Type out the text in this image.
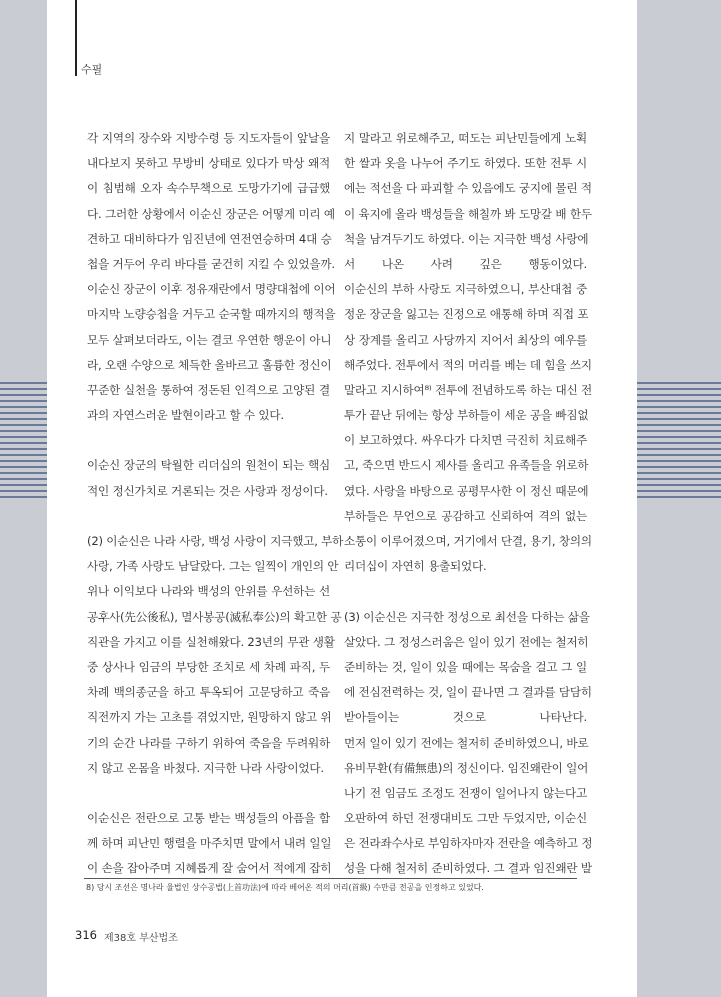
수필
각 지역의 장수와 지방수령 등 지도자들이 앞날을
내다보지 못하고 무방비 상태로 있다가 막상 왜적
이 침범해 오자 속수무책으로 도망가기에 급급했
다. 그러한 상황에서 이순신 장군은 어떻게 미리 예
견하고 대비하다가 임진년에 연전연승하며 4대 승
첩을 거두어 우리 바다를 굳건히 지킬 수 있었을까.
이순신 장군이 이후 정유재란에서 명량대첩에 이어
마지막 노량승첩을 거두고 순국할 때까지의 행적을
모두 살펴보더라도, 이는 결코 우연한 행운이 아니
라, 오랜 수양으로 체득한 올바르고 훌륭한 정신이
꾸준한 실천을 통하여 정돈된 인격으로 고양된 결
과의 자연스러운 발현이라고 할 수 있다.
이순신 장군의 탁월한 리더십의 원천이 되는 핵심
적인 정신가치로 거론되는 것은 사랑과 정성이다.
(2) 이순신은 나라 사랑, 백성 사랑이 지극했고, 부하
사랑, 가족 사랑도 남달랐다. 그는 일찍이 개인의 안
위나 이익보다 나라와 백성의 안위를 우선하는 선
공후사(先公後私), 멸사봉공(滅私奉公)의 확고한 공
직관을 가지고 이를 실천해왔다. 23년의 무관 생활
중 상사나 임금의 부당한 조치로 세 차례 파직, 두
차례 백의종군을 하고 투옥되어 고문당하고 죽음
직전까지 가는 고초를 겪었지만, 원망하지 않고 위
기의 순간 나라를 구하기 위하여 죽음을 두려워하
지 않고 온몸을 바쳤다. 지극한 나라 사랑이었다.
이순신은 전란으로 고통 받는 백성들의 아픔을 함
께 하며 피난민 행렬을 마주치면 말에서 내려 일일
이 손을 잡아주며 지혜롭게 잘 숨어서 적에게 잡히
지 말라고 위로해주고, 떠도는 피난민들에게 노획
한 쌀과 옷을 나누어 주기도 하였다. 또한 전투 시
에는 적선을 다 파괴할 수 있음에도 궁지에 몰린 적
이 육지에 올라 백성들을 해칠까 봐 도망갈 배 한두
척을 남겨두기도 하였다. 이는 지극한 백성 사랑에
서 나온 사려 깊은 행동이었다.
이순신의 부하 사랑도 지극하였으니, 부산대첩 중
정운 장군을 잃고는 진정으로 애통해 하며 직접 포
상 장계를 올리고 사당까지 지어서 최상의 예우를
해주었다. 전투에서 적의 머리를 베는 데 힘을 쓰지
말라고 지시하여⁸⁾ 전투에 전념하도록 하는 대신 전
투가 끝난 뒤에는 항상 부하들이 세운 공을 빠짐없
이 보고하였다. 싸우다가 다치면 극진히 치료해주
고, 죽으면 반드시 제사를 올리고 유족들을 위로하
였다. 사랑을 바탕으로 공평무사한 이 정신 때문에
부하들은 무언으로 공감하고 신뢰하여 격의 없는
소통이 이루어졌으며, 거기에서 단결, 용기, 창의의
리더십이 자연히 용출되었다.
(3) 이순신은 지극한 정성으로 최선을 다하는 삶을
살았다. 그 정성스러움은 일이 있기 전에는 철저히
준비하는 것, 일이 있을 때에는 목숨을 걸고 그 일
에 전심전력하는 것, 일이 끝나면 그 결과를 담담히
받아들이는 것으로 나타난다.
먼저 일이 있기 전에는 철저히 준비하였으니, 바로
유비무환(有備無患)의 정신이다. 임진왜란이 일어
나기 전 임금도 조정도 전쟁이 일어나지 않는다고
오판하여 하던 전쟁대비도 그만 두었지만, 이순신
은 전라좌수사로 부임하자마자 전란을 예측하고 정
성을 다해 철저히 준비하였다. 그 결과 임진왜란 발
8) 당시 조선은 명나라 율법인 상수공법(上首功法)에 따라 베어온 적의 머리(首級) 수만큼 전공을 인정하고 있었다.
316 제38호 부산법조
